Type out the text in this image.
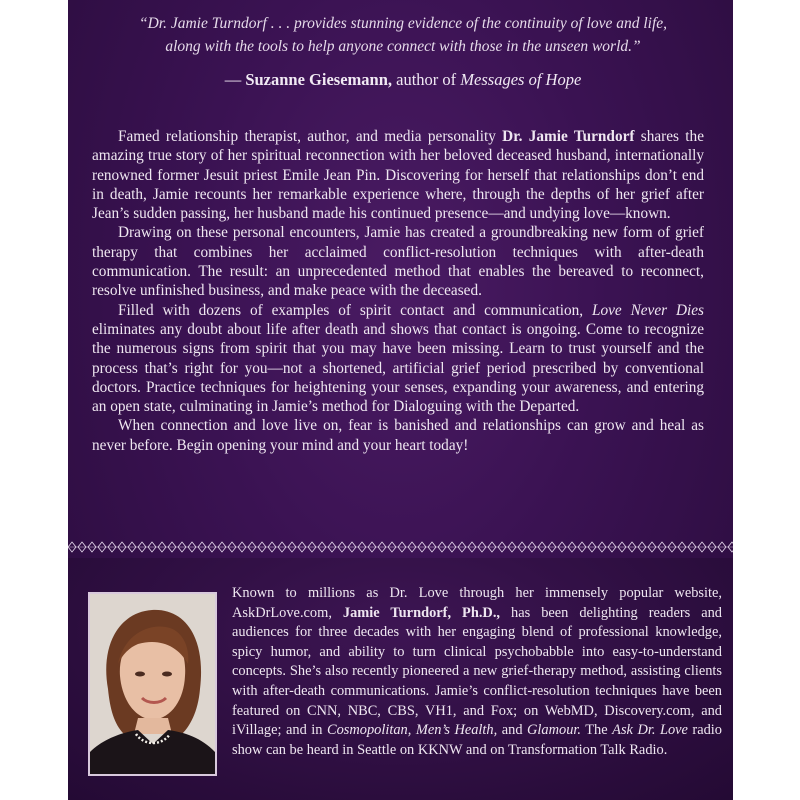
“Dr. Jamie Turndorf . . . provides stunning evidence of the continuity of love and life,
along with the tools to help anyone connect with those in the unseen world.”
— Suzanne Giesemann, author of Messages of Hope

Famed relationship therapist, author, and media personality Dr. Jamie Turndorf shares the amazing true story of her spiritual reconnection with her beloved deceased husband, internationally renowned former Jesuit priest Emile Jean Pin. Discovering for herself that relationships don’t end in death, Jamie recounts her remarkable experience where, through the depths of her grief after Jean’s sudden passing, her husband made his continued presence—and undying love—known.

Drawing on these personal encounters, Jamie has created a groundbreaking new form of grief therapy that combines her acclaimed conflict-resolution techniques with after-death communication. The result: an unprecedented method that enables the bereaved to reconnect, resolve unfinished business, and make peace with the deceased.

Filled with dozens of examples of spirit contact and communication, Love Never Dies eliminates any doubt about life after death and shows that contact is ongoing. Come to recognize the numerous signs from spirit that you may have been missing. Learn to trust yourself and the process that’s right for you—not a shortened, artificial grief period prescribed by conventional doctors. Practice techniques for heightening your senses, expanding your awareness, and entering an open state, culminating in Jamie’s method for Dialoguing with the Departed.

When connection and love live on, fear is banished and relationships can grow and heal as never before. Begin opening your mind and your heart today!

Known to millions as Dr. Love through her immensely popular website, AskDrLove.com, Jamie Turndorf, Ph.D., has been delighting readers and audiences for three decades with her engaging blend of professional knowledge, spicy humor, and ability to turn clinical psychobabble into easy-to-understand concepts. She’s also recently pioneered a new grief-therapy method, assisting clients with after-death communications. Jamie’s conflict-resolution techniques have been featured on CNN, NBC, CBS, VH1, and Fox; on WebMD, Discovery.com, and iVillage; and in Cosmopolitan, Men’s Health, and Glamour. The Ask Dr. Love radio show can be heard in Seattle on KKNW and on Transformation Talk Radio.
